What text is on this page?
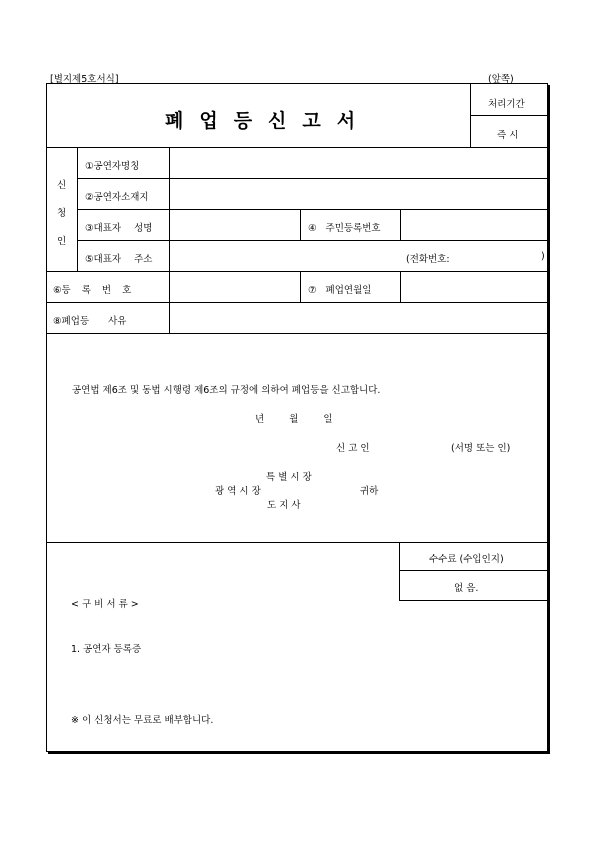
[별지제5호서식]	(앞쪽)
폐업등신고서
처리기간
즉 시
신
청
인
①공연자명칭
②공연자소재지
③대표자 성명	④ 주민등록번호
⑤대표자 주소	(전화번호:	)
⑥등 록 번 호	⑦ 폐업연월일
⑧폐업등 사유
공연법 제6조 및 동법 시행령 제6조의 규정에 의하여 폐업등을 신고합니다.
년 월 일
신 고 인	(서명 또는 인)
특 별 시 장
광 역 시 장
도 지 사
귀하
수수료 (수입인지)
없 음.
< 구 비 서 류 >
1. 공연자 등록증
※ 이 신청서는 무료로 배부합니다.
